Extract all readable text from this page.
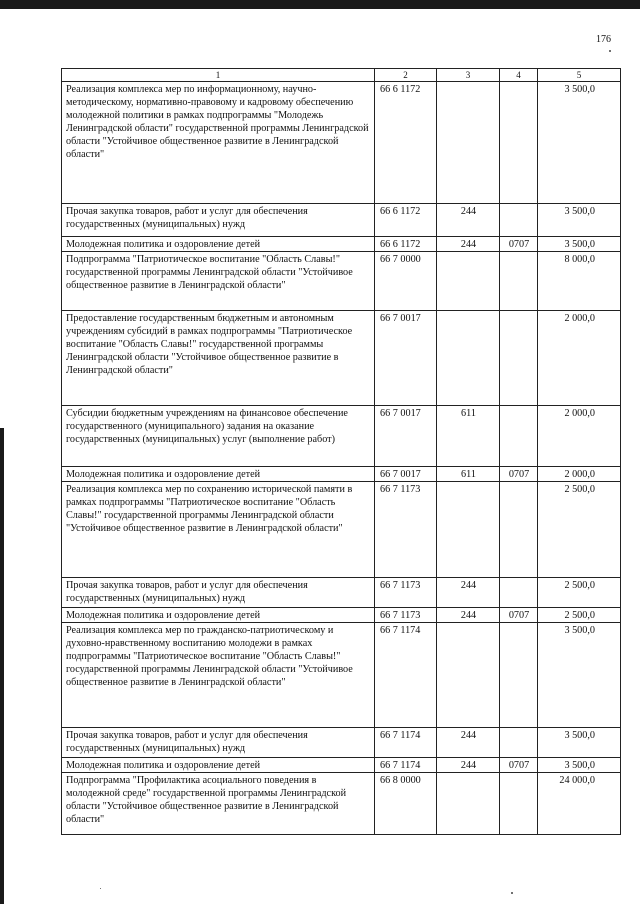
176
1	2	3	4	5
Реализация комплекса мер по информационному, научно-методическому, нормативно-правовому и кадровому обеспечению молодежной политики в рамках подпрограммы "Молодежь Ленинградской области" государственной программы Ленинградской области "Устойчивое общественное развитие в Ленинградской области"	66 6 1172			3 500,0
Прочая закупка товаров, работ и услуг для обеспечения государственных (муниципальных) нужд	66 6 1172	244		3 500,0
Молодежная политика и оздоровление детей	66 6 1172	244	0707	3 500,0
Подпрограмма "Патриотическое воспитание "Область Славы!" государственной программы Ленинградской области "Устойчивое общественное развитие в Ленинградской области"	66 7 0000			8 000,0
Предоставление государственным бюджетным и автономным учреждениям субсидий в рамках подпрограммы "Патриотическое воспитание "Область Славы!" государственной программы Ленинградской области "Устойчивое общественное развитие в Ленинградской области"	66 7 0017			2 000,0
Субсидии бюджетным учреждениям на финансовое обеспечение государственного (муниципального) задания на оказание государственных (муниципальных) услуг (выполнение работ)	66 7 0017	611		2 000,0
Молодежная политика и оздоровление детей	66 7 0017	611	0707	2 000,0
Реализация комплекса мер по сохранению исторической памяти в рамках подпрограммы "Патриотическое воспитание "Область Славы!" государственной программы Ленинградской области "Устойчивое общественное развитие в Ленинградской области"	66 7 1173			2 500,0
Прочая закупка товаров, работ и услуг для обеспечения государственных (муниципальных) нужд	66 7 1173	244		2 500,0
Молодежная политика и оздоровление детей	66 7 1173	244	0707	2 500,0
Реализация комплекса мер по гражданско-патриотическому и духовно-нравственному воспитанию молодежи в рамках подпрограммы "Патриотическое воспитание "Область Славы!" государственной программы Ленинградской области "Устойчивое общественное развитие в Ленинградской области"	66 7 1174			3 500,0
Прочая закупка товаров, работ и услуг для обеспечения государственных (муниципальных) нужд	66 7 1174	244		3 500,0
Молодежная политика и оздоровление детей	66 7 1174	244	0707	3 500,0
Подпрограмма "Профилактика асоциального поведения в молодежной среде" государственной программы Ленинградской области "Устойчивое общественное развитие в Ленинградской области"	66 8 0000			24 000,0
